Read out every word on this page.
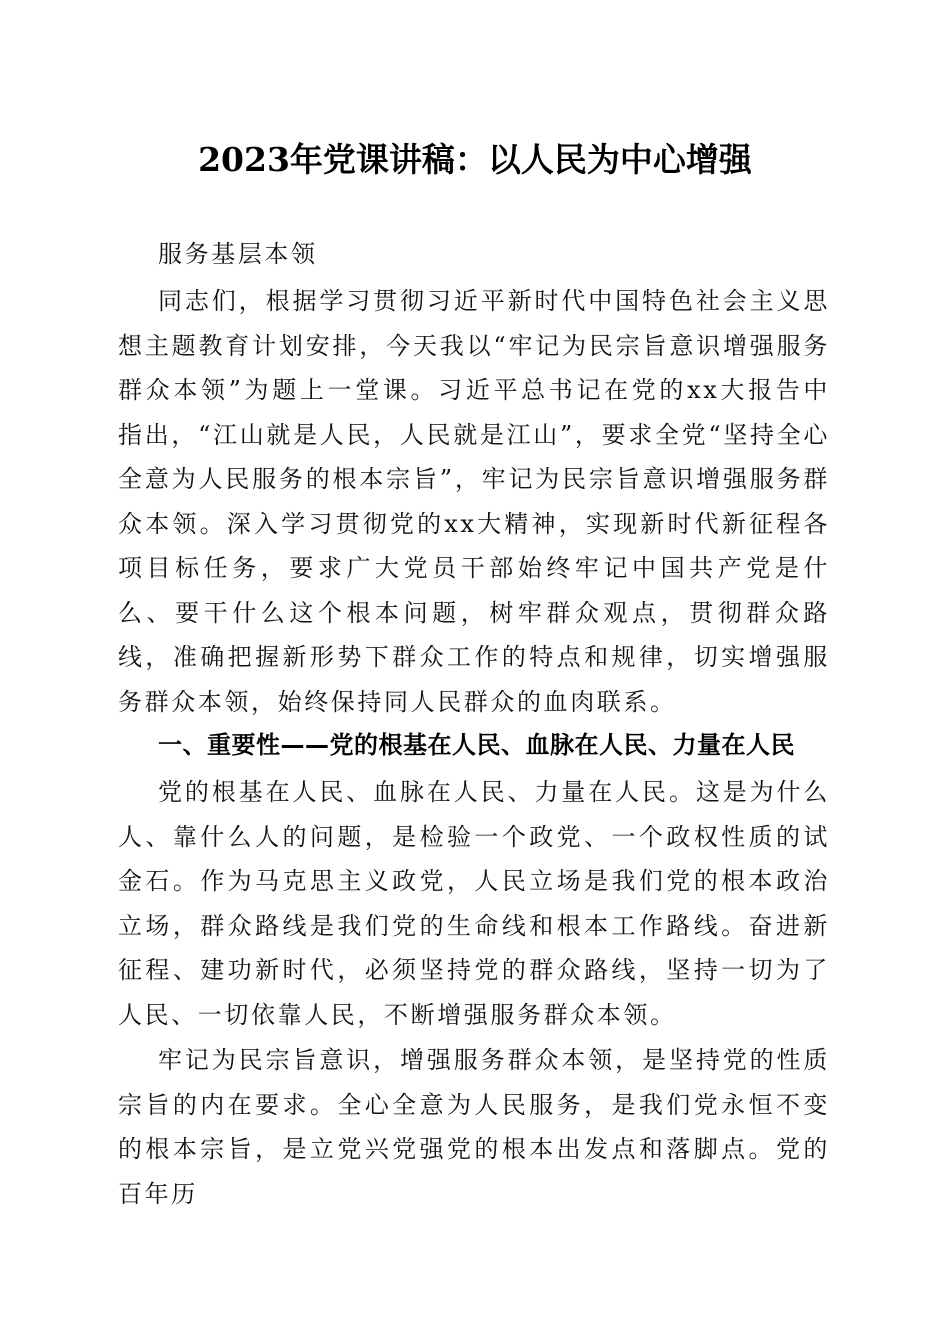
2023年党课讲稿：以人民为中心增强
服务基层本领

同志们，根据学习贯彻习近平新时代中国特色社会主义思想主题教育计划安排，今天我以“牢记为民宗旨意识增强服务群众本领”为题上一堂课。习近平总书记在党的xx大报告中指出，“江山就是人民，人民就是江山”，要求全党“坚持全心全意为人民服务的根本宗旨”，牢记为民宗旨意识增强服务群众本领。深入学习贯彻党的xx大精神，实现新时代新征程各项目标任务，要求广大党员干部始终牢记中国共产党是什么、要干什么这个根本问题，树牢群众观点，贯彻群众路线，准确把握新形势下群众工作的特点和规律，切实增强服务群众本领，始终保持同人民群众的血肉联系。

一、重要性——党的根基在人民、血脉在人民、力量在人民

党的根基在人民、血脉在人民、力量在人民。这是为什么人、靠什么人的问题，是检验一个政党、一个政权性质的试金石。作为马克思主义政党，人民立场是我们党的根本政治立场，群众路线是我们党的生命线和根本工作路线。奋进新征程、建功新时代，必须坚持党的群众路线，坚持一切为了人民、一切依靠人民，不断增强服务群众本领。

牢记为民宗旨意识，增强服务群众本领，是坚持党的性质宗旨的内在要求。全心全意为人民服务，是我们党永恒不变的根本宗旨，是立党兴党强党的根本出发点和落脚点。党的百年历
